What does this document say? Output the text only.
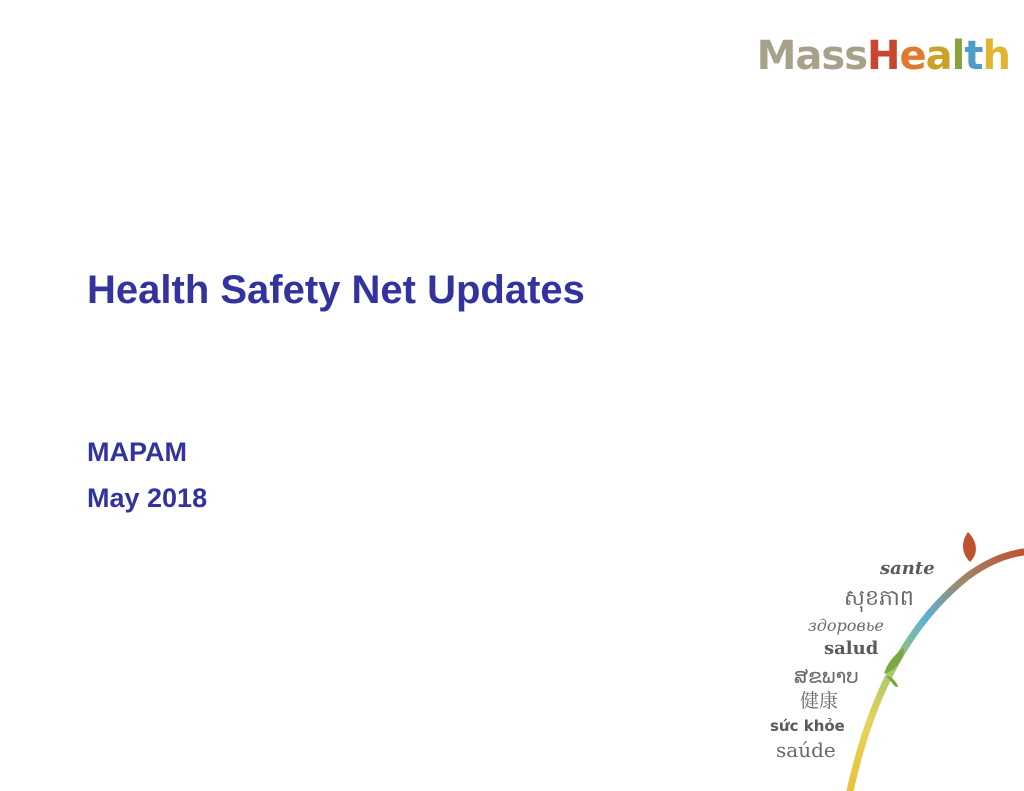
MassHealth
Health Safety Net Updates

MAPAM

May 2018

sante
សុខភាព
здоровье
salud
ສຂພາບ
健康
sức khỏe
saúde
